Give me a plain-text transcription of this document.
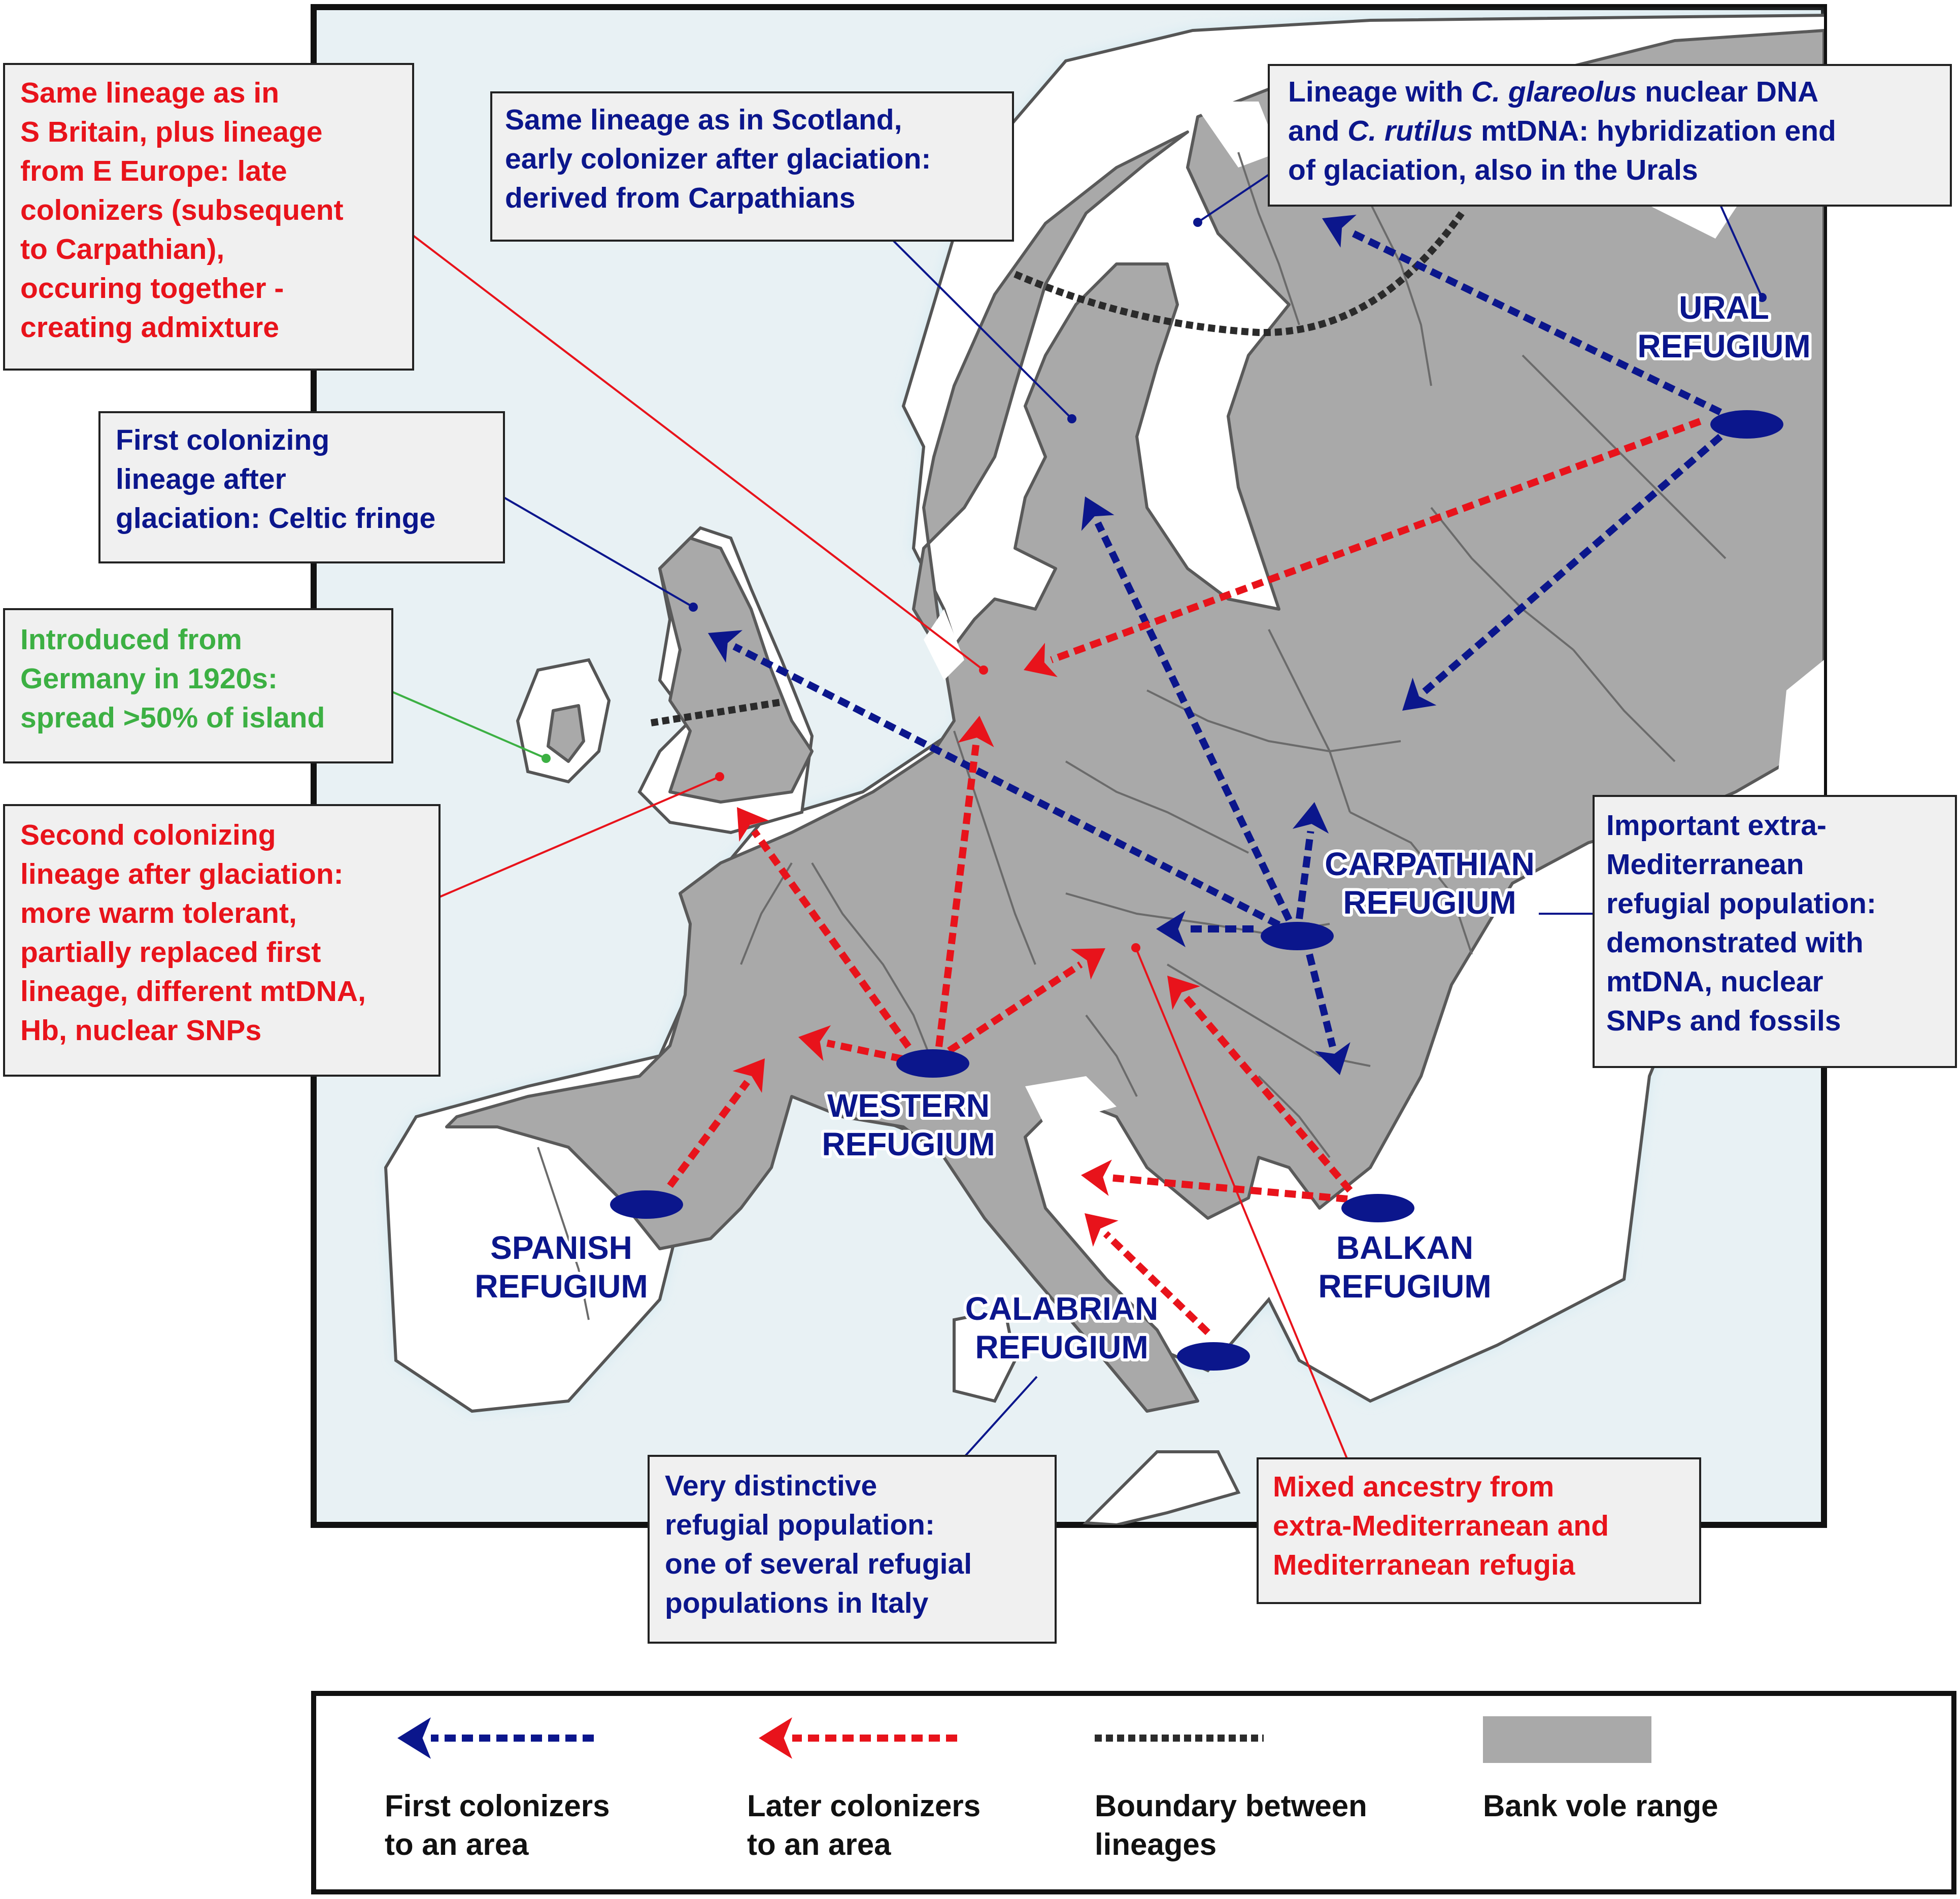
URAL REFUGIUM
CARPATHIAN REFUGIUM
WESTERN REFUGIUM
SPANISH REFUGIUM
BALKAN REFUGIUM
CALABRIAN REFUGIUM
Same lineage as in S Britain, plus lineage from E Europe: late colonizers (subsequent to Carpathian), occuring together -creating admixture
Same lineage as in Scotland, early colonizer after glaciation: derived from Carpathians
Lineage with C. glareolus nuclear DNA and C. rutilus mtDNA: hybridization end of glaciation, also in the Urals
First colonizing lineage after glaciation: Celtic fringe
Introduced from Germany in 1920s: spread >50% of island
Second colonizing lineage after glaciation: more warm tolerant, partially replaced first lineage, different mtDNA, Hb, nuclear SNPs
Important extra-Mediterranean refugial population: demonstrated with mtDNA, nuclear SNPs and fossils
Very distinctive refugial population: one of several refugial populations in Italy
Mixed ancestry from extra-Mediterranean and Mediterranean refugia
First colonizers to an area
Later colonizers to an area
Boundary between lineages
Bank vole range
